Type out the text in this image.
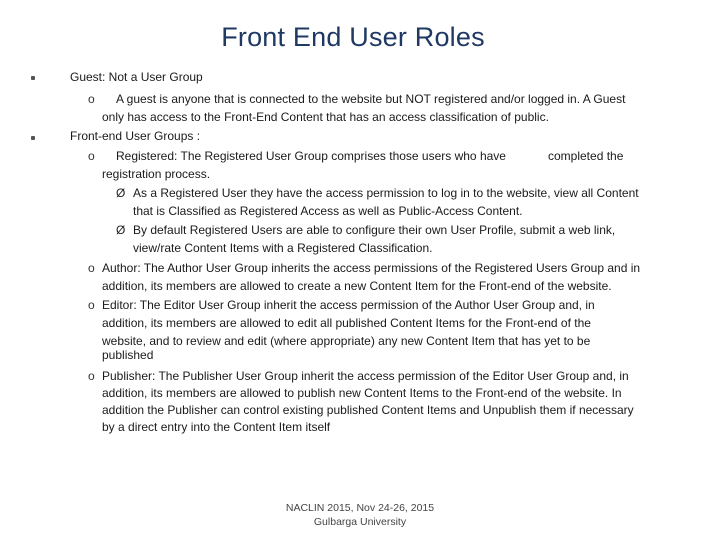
Front End User Roles
Guest: Not a User Group
o A guest is anyone that is connected to the website but NOT registered and/or logged in. A Guest
only has access to the Front-End Content that has an access classification of public.
Front-end User Groups :
o Registered: The Registered User Group comprises those users who have	completed the
registration process.
Ø As a Registered User they have the access permission to log in to the website, view all Content
that is Classified as Registered Access as well as Public-Access Content.
Ø By default Registered Users are able to configure their own User Profile, submit a web link,
view/rate Content Items with a Registered Classification.
o Author: The Author User Group inherits the access permissions of the Registered Users Group and in
addition, its members are allowed to create a new Content Item for the Front-end of the website.
o Editor: The Editor User Group inherit the access permission of the Author User Group and, in
addition, its members are allowed to edit all published Content Items for the Front-end of the
website, and to review and edit (where appropriate) any new Content Item that has yet to be
published
o Publisher: The Publisher User Group inherit the access permission of the Editor User Group and, in
addition, its members are allowed to publish new Content Items to the Front-end of the website. In
addition the Publisher can control existing published Content Items and Unpublish them if necessary
by a direct entry into the Content Item itself
NACLIN 2015, Nov 24-26, 2015
Gulbarga University
